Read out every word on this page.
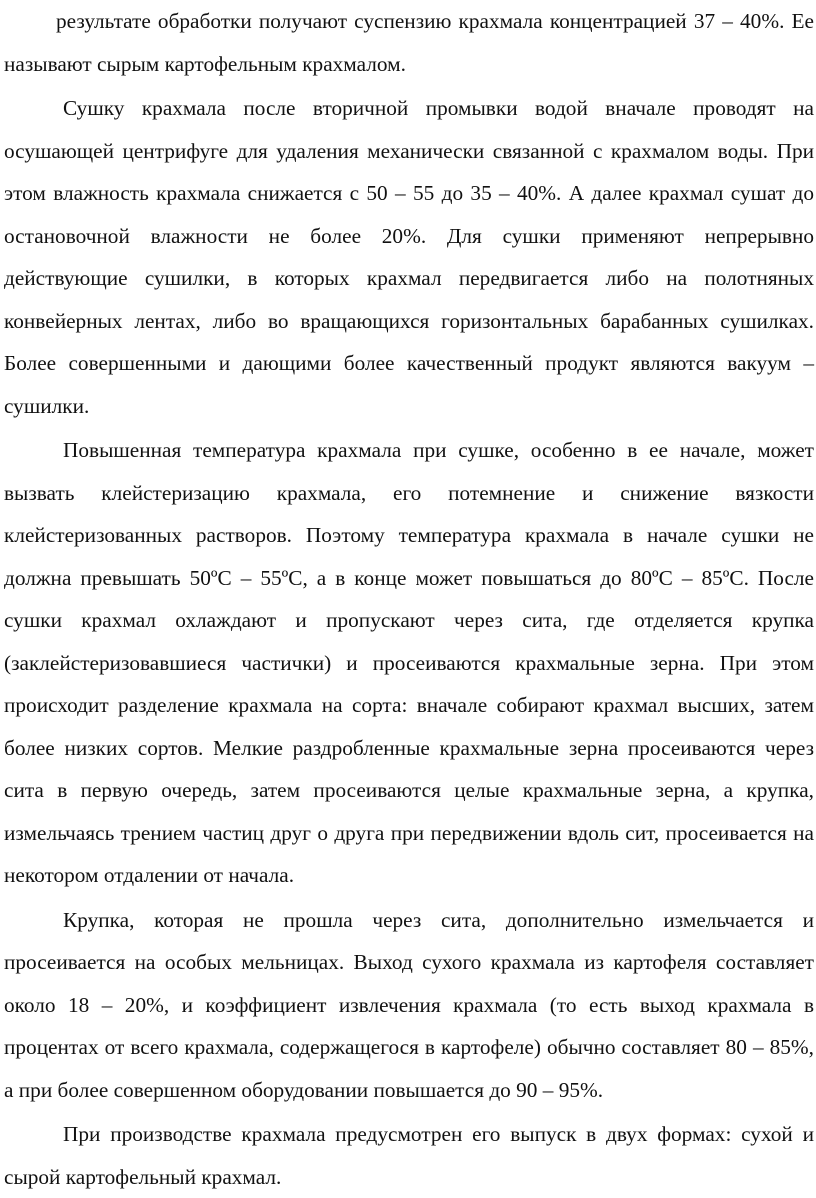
результате обработки получают суспензию крахмала концентрацией 37 – 40%. Ее называют сырым картофельным крахмалом.

Сушку крахмала после вторичной промывки водой вначале проводят на осушающей центрифуге для удаления механически связанной с крахмалом воды. При этом влажность крахмала снижается с 50 – 55 до 35 – 40%. А далее крахмал сушат до остановочной влажности не более 20%. Для сушки применяют непрерывно действующие сушилки, в которых крахмал передвигается либо на полотняных конвейерных лентах, либо во вращающихся горизонтальных барабанных сушилках. Более совершенными и дающими более качественный продукт являются вакуум – сушилки.

Повышенная температура крахмала при сушке, особенно в ее начале, может вызвать клейстеризацию крахмала, его потемнение и снижение вязкости клейстеризованных растворов. Поэтому температура крахмала в начале сушки не должна превышать 50ºС – 55ºС, а в конце может повышаться до 80ºС – 85ºС. После сушки крахмал охлаждают и пропускают через сита, где отделяется крупка (заклейстеризовавшиеся частички) и просеиваются крахмальные зерна. При этом происходит разделение крахмала на сорта: вначале собирают крахмал высших, затем более низких сортов. Мелкие раздробленные крахмальные зерна просеиваются через сита в первую очередь, затем просеиваются целые крахмальные зерна, а крупка, измельчаясь трением частиц друг о друга при передвижении вдоль сит, просеивается на некотором отдалении от начала.

Крупка, которая не прошла через сита, дополнительно измельчается и просеивается на особых мельницах. Выход сухого крахмала из картофеля составляет около 18 – 20%, и коэффициент извлечения крахмала (то есть выход крахмала в процентах от всего крахмала, содержащегося в картофеле) обычно составляет 80 – 85%, а при более совершенном оборудовании повышается до 90 – 95%.

При производстве крахмала предусмотрен его выпуск в двух формах: сухой и сырой картофельный крахмал.
